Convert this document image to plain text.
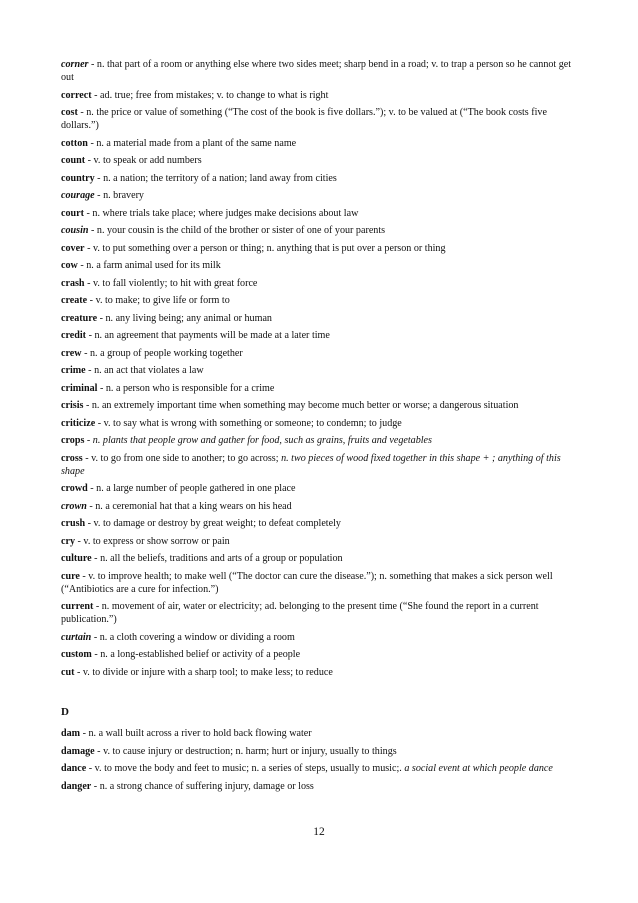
corner - n. that part of a room or anything else where two sides meet; sharp bend in a road; v. to trap a person so he cannot get out

correct - ad. true; free from mistakes; v. to change to what is right

cost - n. the price or value of something (“The cost of the book is five dollars.”); v. to be valued at (“The book costs five dollars.”)

cotton - n. a material made from a plant of the same name

count - v. to speak or add numbers

country - n. a nation; the territory of a nation; land away from cities

courage - n. bravery

court - n. where trials take place; where judges make decisions about law

cousin - n. your cousin is the child of the brother or sister of one of your parents

cover - v. to put something over a person or thing; n. anything that is put over a person or thing

cow - n. a farm animal used for its milk

crash - v. to fall violently; to hit with great force

create - v. to make; to give life or form to

creature - n. any living being; any animal or human

credit - n. an agreement that payments will be made at a later time

crew - n. a group of people working together

crime - n. an act that violates a law

criminal - n. a person who is responsible for a crime

crisis - n. an extremely important time when something may become much better or worse; a dangerous situation

criticize - v. to say what is wrong with something or someone; to condemn; to judge

crops - n. plants that people grow and gather for food, such as grains, fruits and vegetables

cross - v. to go from one side to another; to go across; n. two pieces of wood fixed together in this shape + ; anything of this shape

crowd - n. a large number of people gathered in one place

crown - n. a ceremonial hat that a king wears on his head

crush - v. to damage or destroy by great weight; to defeat completely

cry - v. to express or show sorrow or pain

culture - n. all the beliefs, traditions and arts of a group or population

cure - v. to improve health; to make well (“The doctor can cure the disease.”); n. something that makes a sick person well (“Antibiotics are a cure for infection.”)

current - n. movement of air, water or electricity; ad. belonging to the present time (“She found the report in a current publication.”)

curtain - n. a cloth covering a window or dividing a room

custom - n. a long-established belief or activity of a people

cut - v. to divide or injure with a sharp tool; to make less; to reduce

D

dam - n. a wall built across a river to hold back flowing water

damage - v. to cause injury or destruction; n. harm; hurt or injury, usually to things

dance - v. to move the body and feet to music; n. a series of steps, usually to music;. a social event at which people dance

danger - n. a strong chance of suffering injury, damage or loss

12
